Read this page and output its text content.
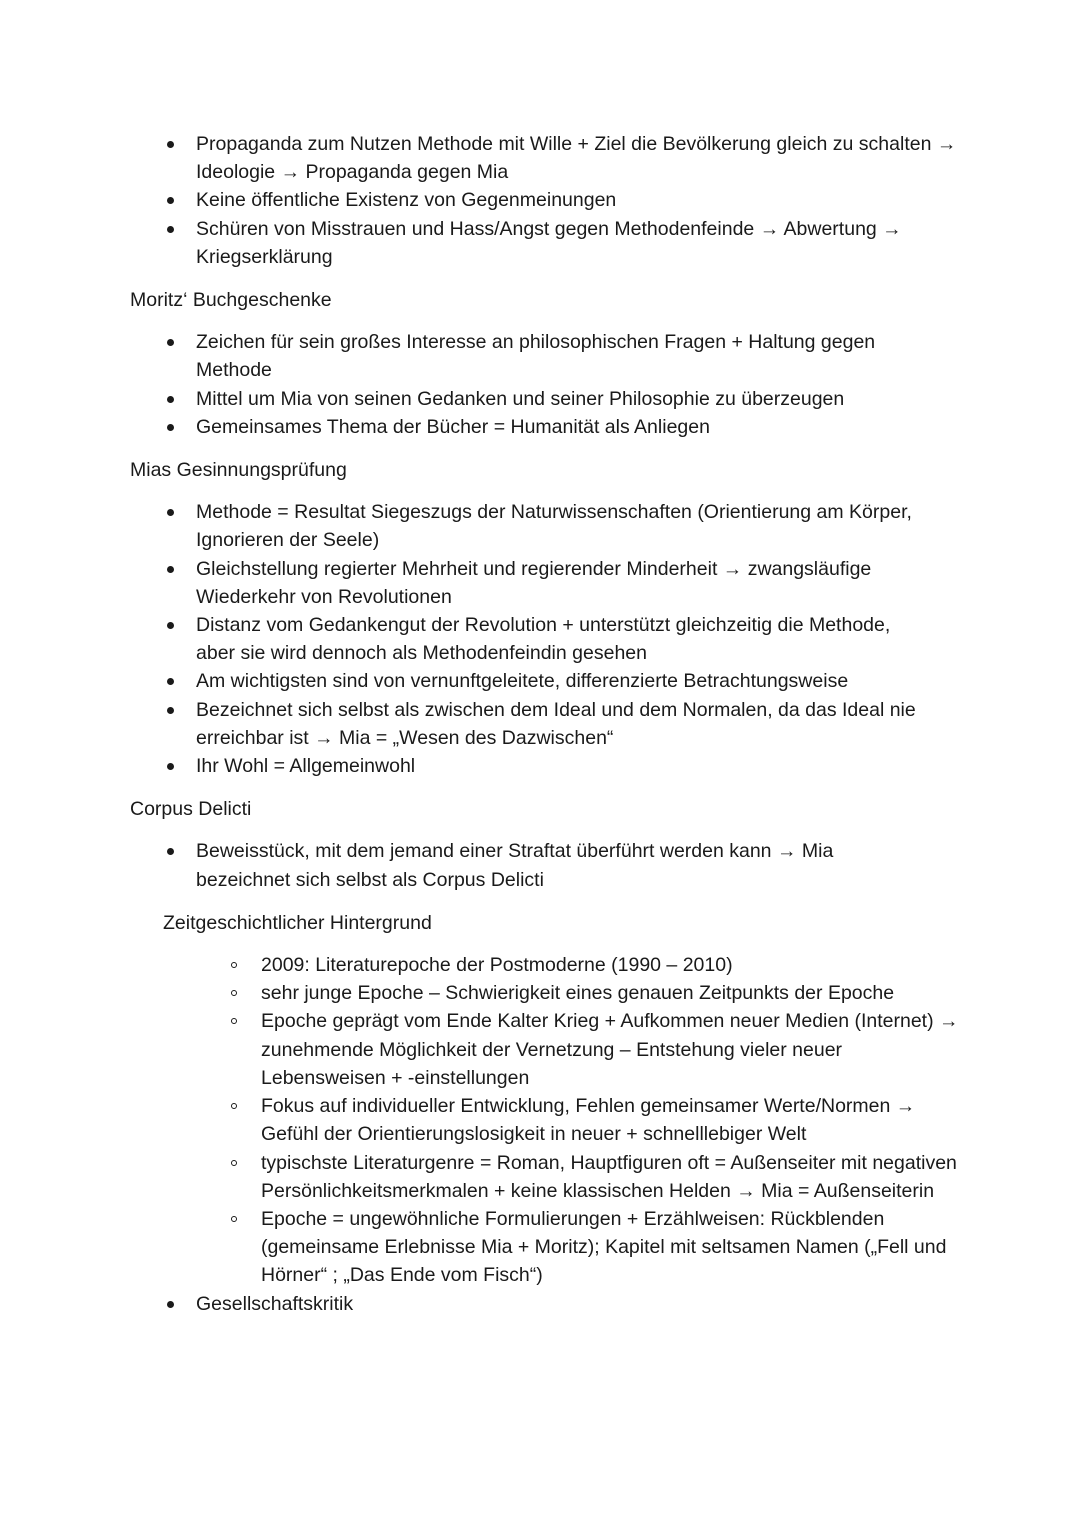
Propaganda zum Nutzen Methode mit Wille + Ziel die Bevölkerung gleich zu schalten → Ideologie → Propaganda gegen Mia
Keine öffentliche Existenz von Gegenmeinungen
Schüren von Misstrauen und Hass/Angst gegen Methodenfeinde → Abwertung → Kriegserklärung
Moritz‘ Buchgeschenke
Zeichen für sein großes Interesse an philosophischen Fragen + Haltung gegen Methode
Mittel um Mia von seinen Gedanken und seiner Philosophie zu überzeugen
Gemeinsames Thema der Bücher = Humanität als Anliegen
Mias Gesinnungsprüfung
Methode = Resultat Siegeszugs der Naturwissenschaften (Orientierung am Körper, Ignorieren der Seele)
Gleichstellung regierter Mehrheit und regierender Minderheit → zwangsläufige Wiederkehr von Revolutionen
Distanz vom Gedankengut der Revolution + unterstützt gleichzeitig die Methode, aber sie wird dennoch als Methodenfeindin gesehen
Am wichtigsten sind von vernunftgeleitete, differenzierte Betrachtungsweise
Bezeichnet sich selbst als zwischen dem Ideal und dem Normalen, da das Ideal nie erreichbar ist → Mia = „Wesen des Dazwischen“
Ihr Wohl = Allgemeinwohl
Corpus Delicti
Beweisstück, mit dem jemand einer Straftat überführt werden kann → Mia bezeichnet sich selbst als Corpus Delicti
Zeitgeschichtlicher Hintergrund
2009: Literaturepoche der Postmoderne (1990 – 2010)
sehr junge Epoche – Schwierigkeit eines genauen Zeitpunkts der Epoche
Epoche geprägt vom Ende Kalter Krieg + Aufkommen neuer Medien (Internet) → zunehmende Möglichkeit der Vernetzung – Entstehung vieler neuer Lebensweisen + -einstellungen
Fokus auf individueller Entwicklung, Fehlen gemeinsamer Werte/Normen → Gefühl der Orientierungslosigkeit in neuer + schnelllebiger Welt
typischste Literaturgenre = Roman, Hauptfiguren oft = Außenseiter mit negativen Persönlichkeitsmerkmalen + keine klassischen Helden → Mia = Außenseiterin
Epoche = ungewöhnliche Formulierungen + Erzählweisen: Rückblenden (gemeinsame Erlebnisse Mia + Moritz); Kapitel mit seltsamen Namen („Fell und Hörner“ ; „Das Ende vom Fisch“)
Gesellschaftskritik
